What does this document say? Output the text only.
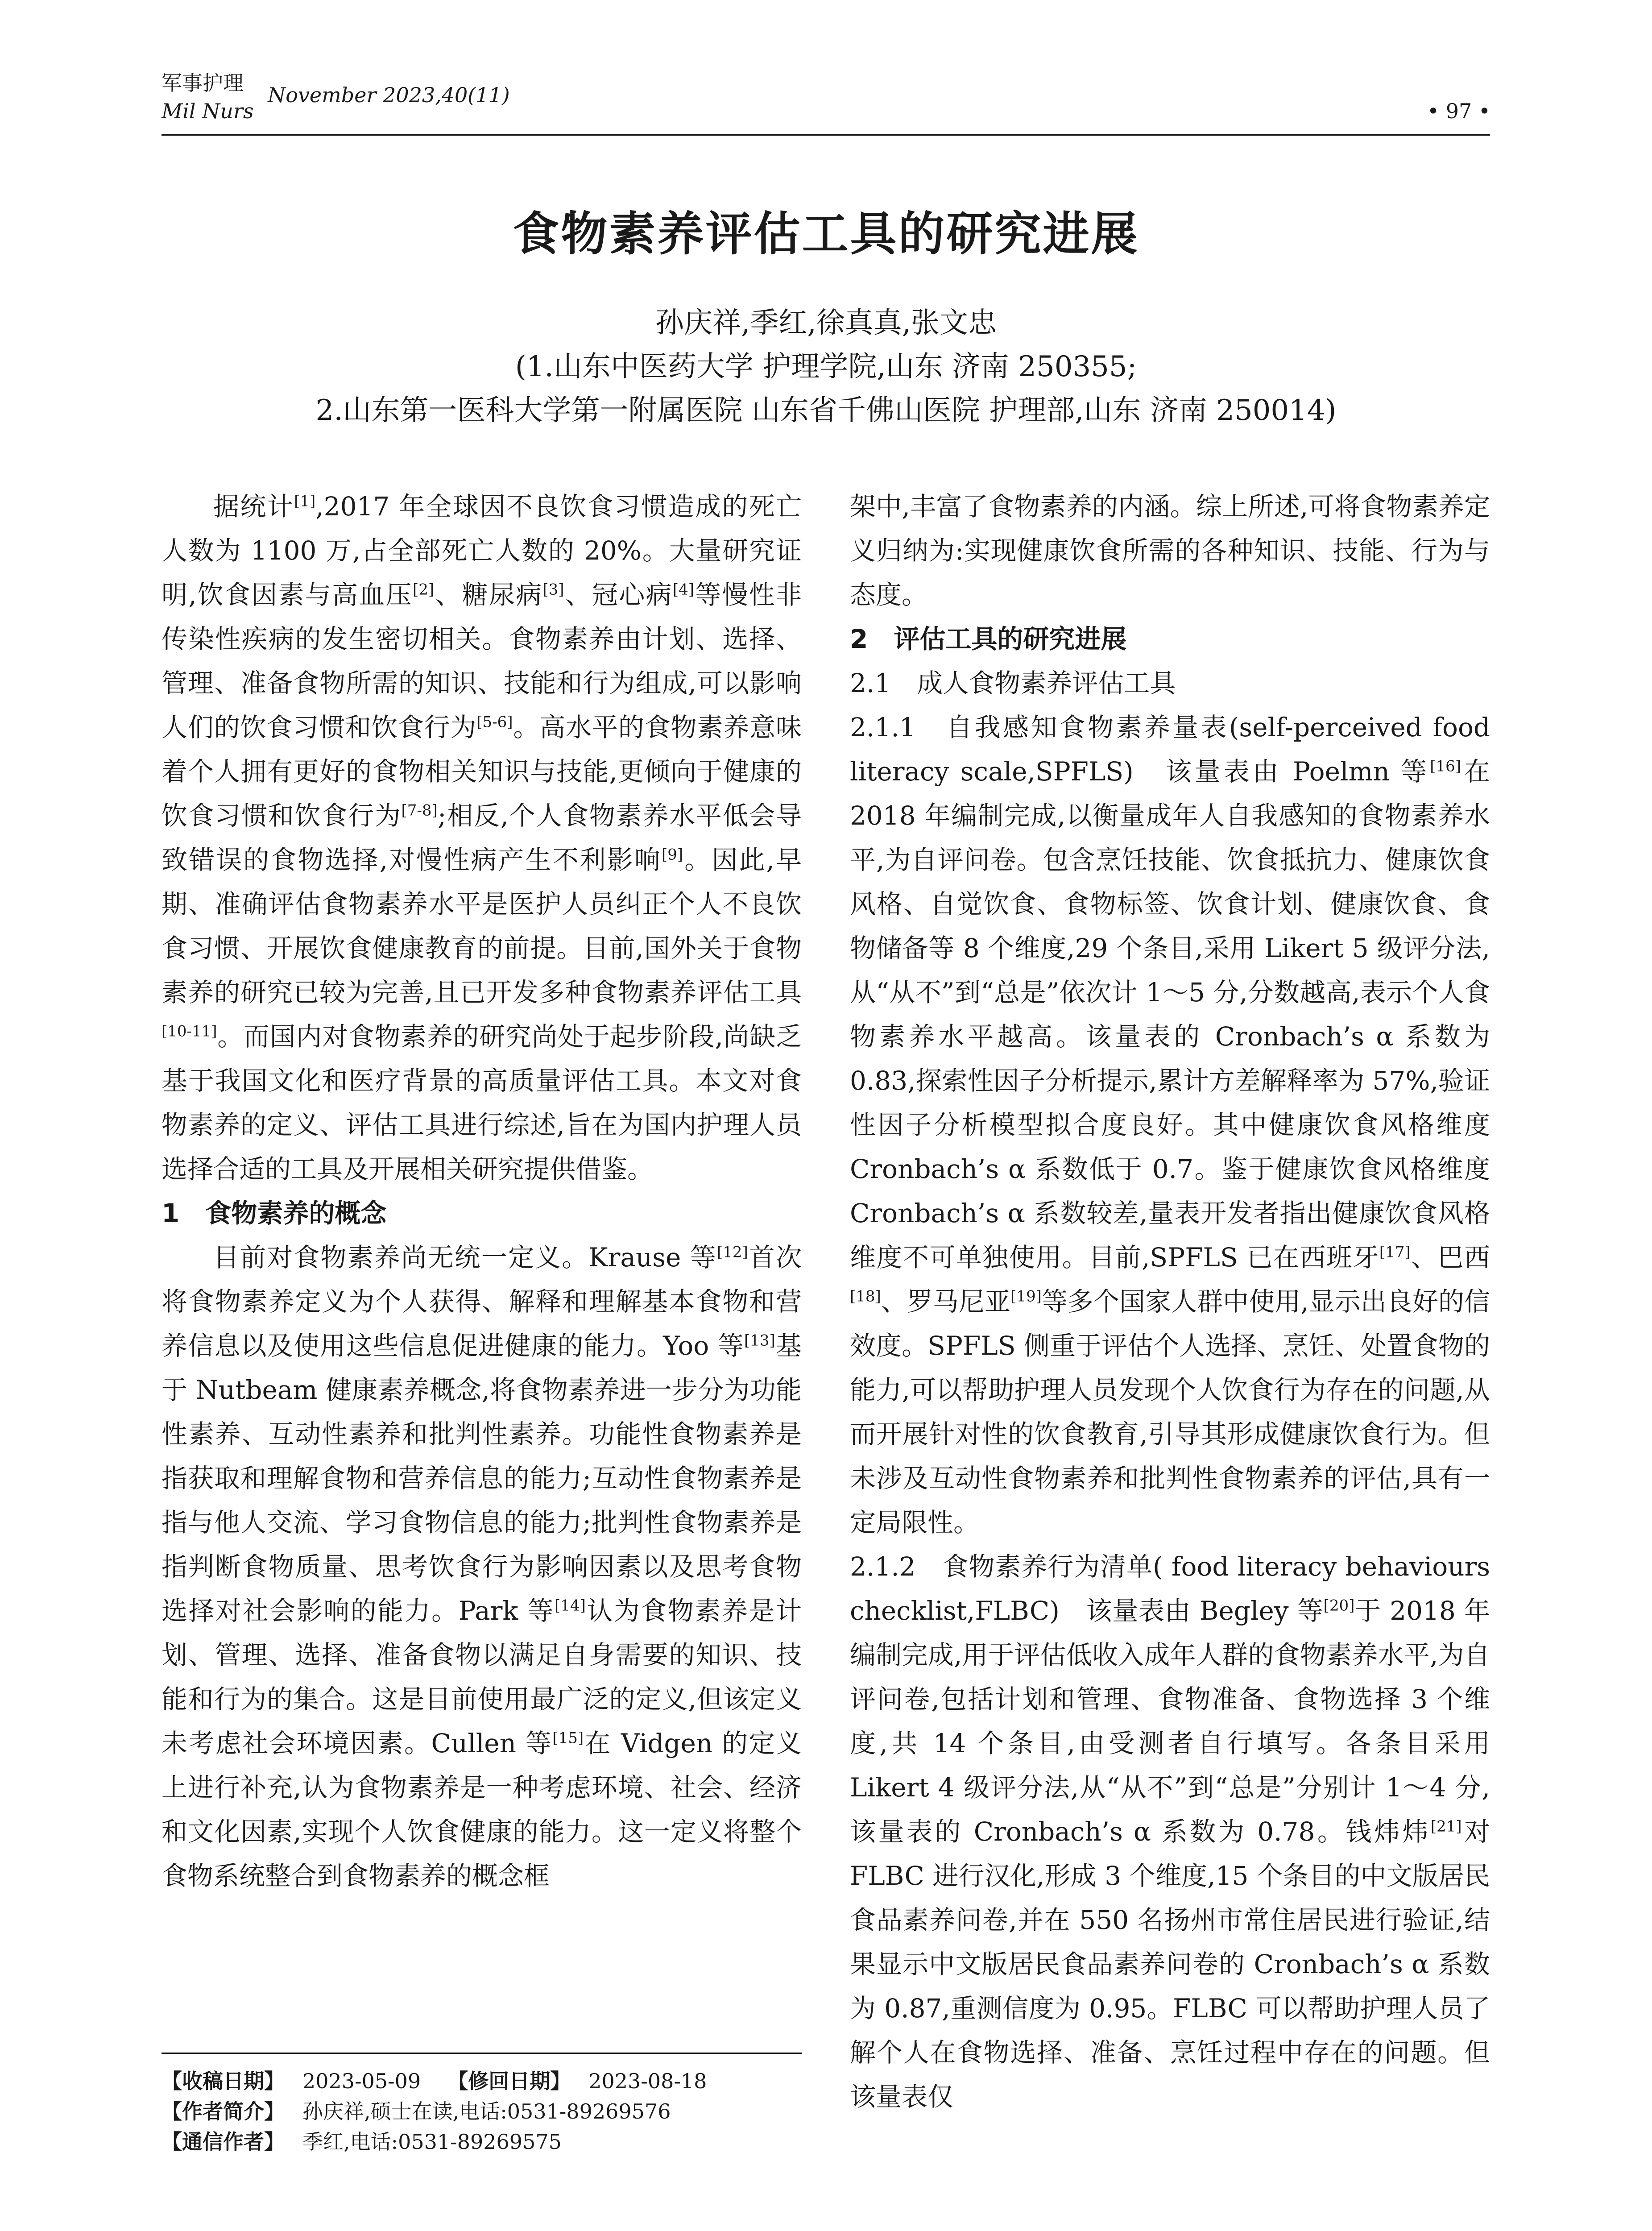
军事护理
Mil Nurs
November 2023,40(11)
• 97 •
食物素养评估工具的研究进展
孙庆祥,季红,徐真真,张文忠
(1.山东中医药大学 护理学院,山东 济南 250355;
2.山东第一医科大学第一附属医院 山东省千佛山医院 护理部,山东 济南 250014)

据统计[1],2017 年全球因不良饮食习惯造成的死亡人数为 1100 万,占全部死亡人数的 20%。大量研究证明,饮食因素与高血压[2]、糖尿病[3]、冠心病[4]等慢性非传染性疾病的发生密切相关。食物素养由计划、选择、管理、准备食物所需的知识、技能和行为组成,可以影响人们的饮食习惯和饮食行为[5-6]。高水平的食物素养意味着个人拥有更好的食物相关知识与技能,更倾向于健康的饮食习惯和饮食行为[7-8];相反,个人食物素养水平低会导致错误的食物选择,对慢性病产生不利影响[9]。因此,早期、准确评估食物素养水平是医护人员纠正个人不良饮食习惯、开展饮食健康教育的前提。目前,国外关于食物素养的研究已较为完善,且已开发多种食物素养评估工具[10-11]。而国内对食物素养的研究尚处于起步阶段,尚缺乏基于我国文化和医疗背景的高质量评估工具。本文对食物素养的定义、评估工具进行综述,旨在为国内护理人员选择合适的工具及开展相关研究提供借鉴。

1　食物素养的概念

目前对食物素养尚无统一定义。Krause 等[12]首次将食物素养定义为个人获得、解释和理解基本食物和营养信息以及使用这些信息促进健康的能力。Yoo 等[13]基于 Nutbeam 健康素养概念,将食物素养进一步分为功能性素养、互动性素养和批判性素养。功能性食物素养是指获取和理解食物和营养信息的能力;互动性食物素养是指与他人交流、学习食物信息的能力;批判性食物素养是指判断食物质量、思考饮食行为影响因素以及思考食物选择对社会影响的能力。Park 等[14]认为食物素养是计划、管理、选择、准备食物以满足自身需要的知识、技能和行为的集合。这是目前使用最广泛的定义,但该定义未考虑社会环境因素。Cullen 等[15]在 Vidgen 的定义上进行补充,认为食物素养是一种考虑环境、社会、经济和文化因素,实现个人饮食健康的能力。这一定义将整个食物系统整合到食物素养的概念框

架中,丰富了食物素养的内涵。综上所述,可将食物素养定义归纳为:实现健康饮食所需的各种知识、技能、行为与态度。

2　评估工具的研究进展

2.1　成人食物素养评估工具

2.1.1　自我感知食物素养量表(self-perceived food literacy scale,SPFLS)　该量表由 Poelmn 等[16]在 2018 年编制完成,以衡量成年人自我感知的食物素养水平,为自评问卷。包含烹饪技能、饮食抵抗力、健康饮食风格、自觉饮食、食物标签、饮食计划、健康饮食、食物储备等 8 个维度,29 个条目,采用 Likert 5 级评分法,从“从不”到“总是”依次计 1～5 分,分数越高,表示个人食物素养水平越高。该量表的 Cronbach’s α 系数为 0.83,探索性因子分析提示,累计方差解释率为 57%,验证性因子分析模型拟合度良好。其中健康饮食风格维度 Cronbach’s α 系数低于 0.7。鉴于健康饮食风格维度 Cronbach’s α 系数较差,量表开发者指出健康饮食风格维度不可单独使用。目前,SPFLS 已在西班牙[17]、巴西[18]、罗马尼亚[19]等多个国家人群中使用,显示出良好的信效度。SPFLS 侧重于评估个人选择、烹饪、处置食物的能力,可以帮助护理人员发现个人饮食行为存在的问题,从而开展针对性的饮食教育,引导其形成健康饮食行为。但未涉及互动性食物素养和批判性食物素养的评估,具有一定局限性。

2.1.2　食物素养行为清单( food literacy behaviours checklist,FLBC)　该量表由 Begley 等[20]于 2018 年编制完成,用于评估低收入成年人群的食物素养水平,为自评问卷,包括计划和管理、食物准备、食物选择 3 个维度,共 14 个条目,由受测者自行填写。各条目采用 Likert 4 级评分法,从“从不”到“总是”分别计 1～4 分,该量表的 Cronbach’s α 系数为 0.78。钱炜炜[21]对 FLBC 进行汉化,形成 3 个维度,15 个条目的中文版居民食品素养问卷,并在 550 名扬州市常住居民进行验证,结果显示中文版居民食品素养问卷的 Cronbach’s α 系数为 0.87,重测信度为 0.95。FLBC 可以帮助护理人员了解个人在食物选择、准备、烹饪过程中存在的问题。但该量表仅

【收稿日期】 2023-05-09 【修回日期】 2023-08-18
【作者简介】 孙庆祥,硕士在读,电话:0531-89269576
【通信作者】 季红,电话:0531-89269575
